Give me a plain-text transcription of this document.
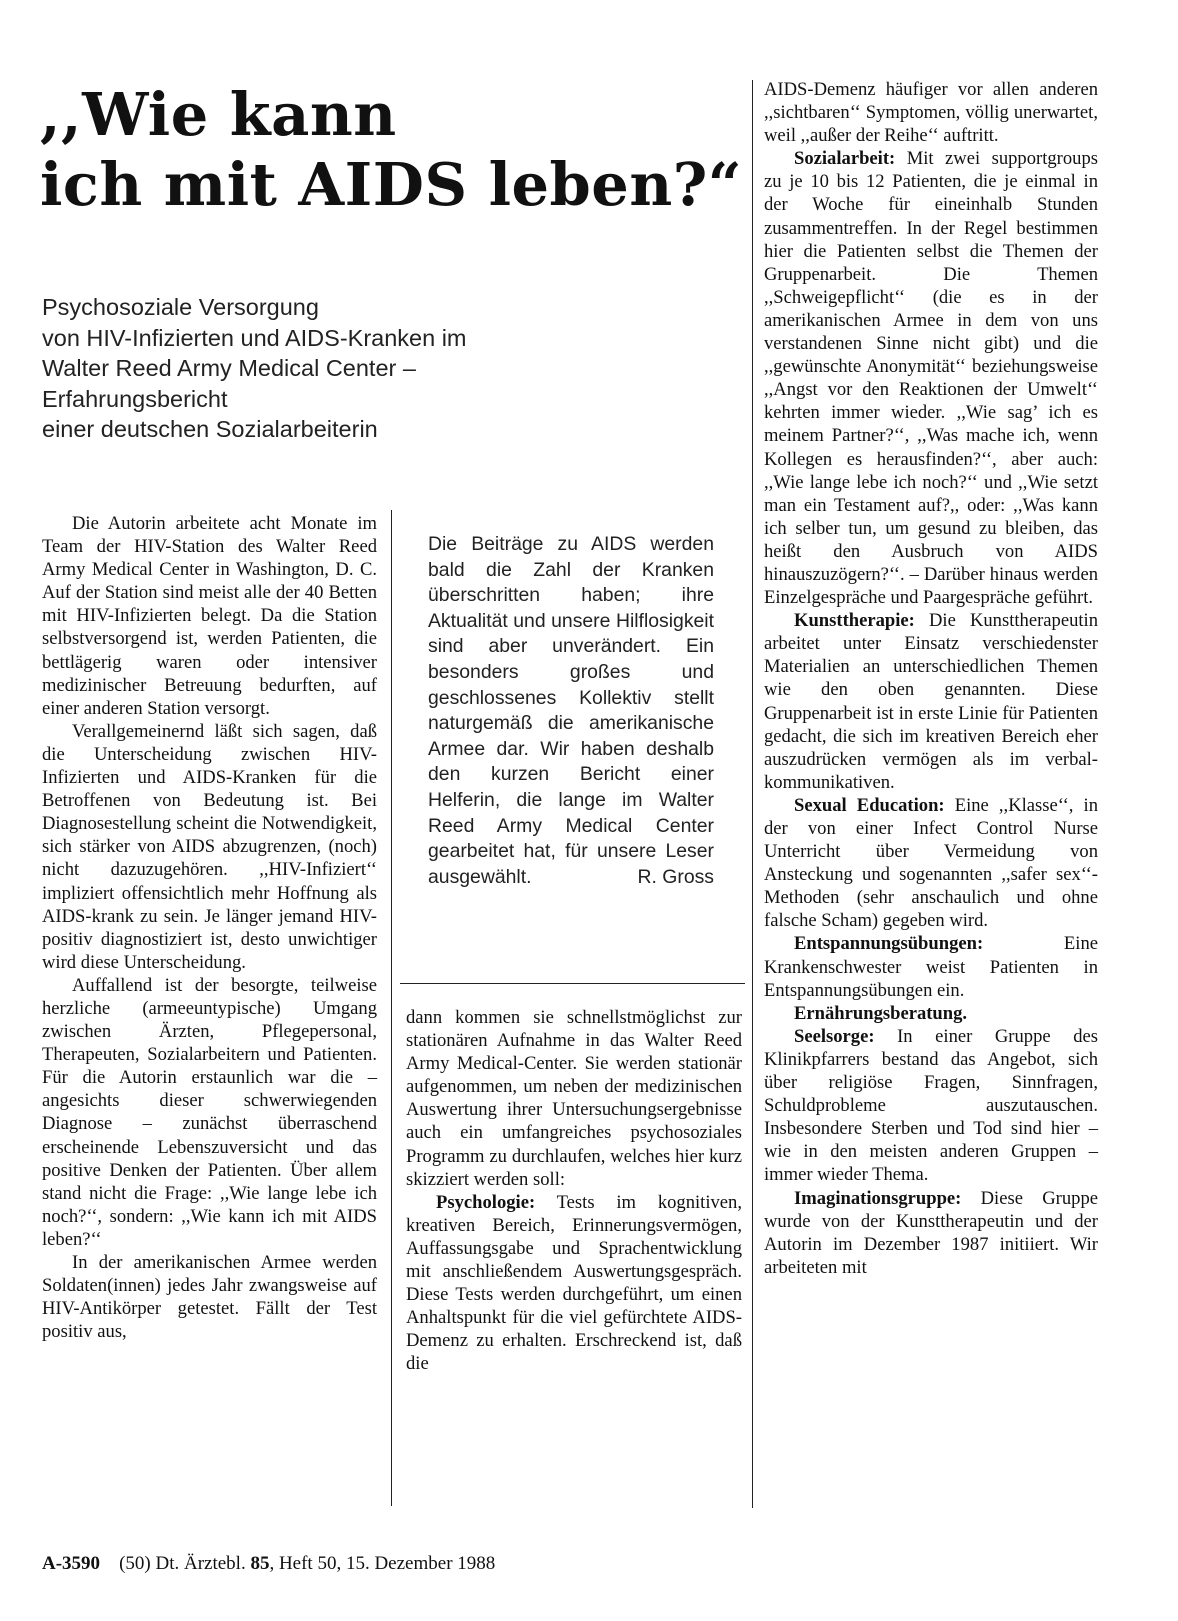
,,Wie kann
ich mit AIDS leben?“
Psychosoziale Versorgung
von HIV-Infizierten und AIDS-Kranken im
Walter Reed Army Medical Center –
Erfahrungsbericht
einer deutschen Sozialarbeiterin

Die Autorin arbeitete acht Monate im Team der HIV-Station des Walter Reed Army Medical Center in Washington, D. C. Auf der Station sind meist alle der 40 Betten mit HIV-Infizierten belegt. Da die Station selbstversorgend ist, werden Patienten, die bettlägerig waren oder intensiver medizinischer Betreuung bedurften, auf einer anderen Station versorgt.

Verallgemeinernd läßt sich sagen, daß die Unterscheidung zwischen HIV-Infizierten und AIDS-Kranken für die Betroffenen von Bedeutung ist. Bei Diagnosestellung scheint die Notwendigkeit, sich stärker von AIDS abzugrenzen, (noch) nicht dazuzugehören. ,,HIV-Infiziert‘‘ impliziert offensichtlich mehr Hoffnung als AIDS-krank zu sein. Je länger jemand HIV-positiv diagnostiziert ist, desto unwichtiger wird diese Unterscheidung.

Auffallend ist der besorgte, teilweise herzliche (armeeuntypische) Umgang zwischen Ärzten, Pflegepersonal, Therapeuten, Sozialarbeitern und Patienten. Für die Autorin erstaunlich war die – angesichts dieser schwerwiegenden Diagnose – zunächst überraschend erscheinende Lebenszuversicht und das positive Denken der Patienten. Über allem stand nicht die Frage: ,,Wie lange lebe ich noch?‘‘, sondern: ,,Wie kann ich mit AIDS leben?‘‘

In der amerikanischen Armee werden Soldaten(innen) jedes Jahr zwangsweise auf HIV-Antikörper getestet. Fällt der Test positiv aus,

Die Beiträge zu AIDS werden bald die Zahl der Kranken überschritten haben; ihre Aktualität und unsere Hilflosigkeit sind aber unverändert. Ein besonders großes und geschlossenes Kollektiv stellt naturgemäß die amerikanische Armee dar. Wir haben deshalb den kurzen Bericht einer Helferin, die lange im Walter Reed Army Medical Center gearbeitet hat, für unsere Leser ausgewählt.	R. Gross

dann kommen sie schnellstmöglichst zur stationären Aufnahme in das Walter Reed Army Medical-Center. Sie werden stationär aufgenommen, um neben der medizinischen Auswertung ihrer Untersuchungsergebnisse auch ein umfangreiches psychosoziales Programm zu durchlaufen, welches hier kurz skizziert werden soll:

Psychologie: Tests im kognitiven, kreativen Bereich, Erinnerungsvermögen, Auffassungsgabe und Sprachentwicklung mit anschließendem Auswertungsgespräch. Diese Tests werden durchgeführt, um einen Anhaltspunkt für die viel gefürchtete AIDS-Demenz zu erhalten. Erschreckend ist, daß die

AIDS-Demenz häufiger vor allen anderen ,,sichtbaren‘‘ Symptomen, völlig unerwartet, weil ,,außer der Reihe‘‘ auftritt.

Sozialarbeit: Mit zwei supportgroups zu je 10 bis 12 Patienten, die je einmal in der Woche für eineinhalb Stunden zusammentreffen. In der Regel bestimmen hier die Patienten selbst die Themen der Gruppenarbeit. Die Themen ,,Schweigepflicht‘‘ (die es in der amerikanischen Armee in dem von uns verstandenen Sinne nicht gibt) und die ,,gewünschte Anonymität‘‘ beziehungsweise ,,Angst vor den Reaktionen der Umwelt‘‘ kehrten immer wieder. ,,Wie sag’ ich es meinem Partner?‘‘, ,,Was mache ich, wenn Kollegen es herausfinden?‘‘, aber auch: ,,Wie lange lebe ich noch?‘‘ und ,,Wie setzt man ein Testament auf?,, oder: ,,Was kann ich selber tun, um gesund zu bleiben, das heißt den Ausbruch von AIDS hinauszuzögern?‘‘. – Darüber hinaus werden Einzelgespräche und Paargespräche geführt.

Kunsttherapie: Die Kunsttherapeutin arbeitet unter Einsatz verschiedenster Materialien an unterschiedlichen Themen wie den oben genannten. Diese Gruppenarbeit ist in erste Linie für Patienten gedacht, die sich im kreativen Bereich eher auszudrücken vermögen als im verbal-kommunikativen.

Sexual Education: Eine ,,Klasse‘‘, in der von einer Infect Control Nurse Unterricht über Vermeidung von Ansteckung und sogenannten ,,safer sex‘‘-Methoden (sehr anschaulich und ohne falsche Scham) gegeben wird.

Entspannungsübungen: Eine Krankenschwester weist Patienten in Entspannungsübungen ein.

Ernährungsberatung.

Seelsorge: In einer Gruppe des Klinikpfarrers bestand das Angebot, sich über religiöse Fragen, Sinnfragen, Schuldprobleme auszutauschen. Insbesondere Sterben und Tod sind hier – wie in den meisten anderen Gruppen – immer wieder Thema.

Imaginationsgruppe: Diese Gruppe wurde von der Kunsttherapeutin und der Autorin im Dezember 1987 initiiert. Wir arbeiteten mit

A-3590 (50) Dt. Ärztebl. 85, Heft 50, 15. Dezember 1988
